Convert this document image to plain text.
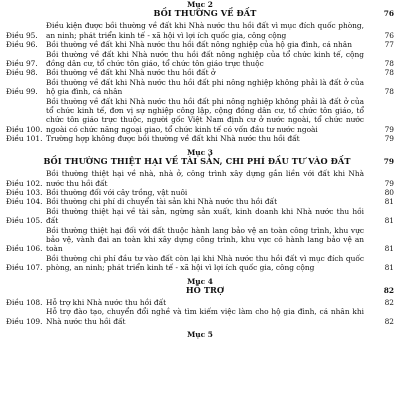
Mục 2
BỒI THƯỜNG VỀ ĐẤT	76
Điều 95.
Điều kiện được bồi thường về đất khi Nhà nước thu hồi đất vì mục đích quốc phòng, an ninh; phát triển kinh tế - xã hội vì lợi ích quốc gia, công cộng	76
Điều 96.	Bồi thường về đất khi Nhà nước thu hồi đất nông nghiệp của hộ gia đình, cá nhân	77
Điều 97.
Bồi thường về đất khi Nhà nước thu hồi đất nông nghiệp của tổ chức kinh tế, cộng đồng dân cư, tổ chức tôn giáo, tổ chức tôn giáo trực thuộc	78
Điều 98.	Bồi thường về đất khi Nhà nước thu hồi đất ở	78
Điều 99.
Bồi thường về đất khi Nhà nước thu hồi đất phi nông nghiệp không phải là đất ở của hộ gia đình, cá nhân	78
Điều 100.
Bồi thường về đất khi Nhà nước thu hồi đất phi nông nghiệp không phải là đất ở của tổ chức kinh tế, đơn vị sự nghiệp công lập, cộng đồng dân cư, tổ chức tôn giáo, tổ chức tôn giáo trực thuộc, người gốc Việt Nam định cư ở nước ngoài, tổ chức nước ngoài có chức năng ngoại giao, tổ chức kinh tế có vốn đầu tư nước ngoài	79
Điều 101. Trường hợp không được bồi thường về đất khi Nhà nước thu hồi đất	79
Mục 3
BỒI THƯỜNG THIỆT HẠI VỀ TÀI SẢN, CHI PHÍ ĐẦU TƯ VÀO ĐẤT	79
Điều 102.
Bồi thường thiệt hại về nhà, nhà ở, công trình xây dựng gắn liền với đất khi Nhà nước thu hồi đất	79
Điều 103. Bồi thường đối với cây trồng, vật nuôi	80
Điều 104. Bồi thường chi phí di chuyển tài sản khi Nhà nước thu hồi đất	81
Điều 105.
Bồi thường thiệt hại về tài sản, ngừng sản xuất, kinh doanh khi Nhà nước thu hồi đất	81
Điều 106.
Bồi thường thiệt hại đối với đất thuộc hành lang bảo vệ an toàn công trình, khu vực bảo vệ, vành đai an toàn khi xây dựng công trình, khu vực có hành lang bảo vệ an toàn	81
Điều 107.
Bồi thường chi phí đầu tư vào đất còn lại khi Nhà nước thu hồi đất vì mục đích quốc phòng, an ninh; phát triển kinh tế - xã hội vì lợi ích quốc gia, công cộng	81
Mục 4
HỖ TRỢ	82
Điều 108. Hỗ trợ khi Nhà nước thu hồi đất	82
Điều 109.
Hỗ trợ đào tạo, chuyển đổi nghề và tìm kiếm việc làm cho hộ gia đình, cá nhân khi Nhà nước thu hồi đất	82
Mục 5
